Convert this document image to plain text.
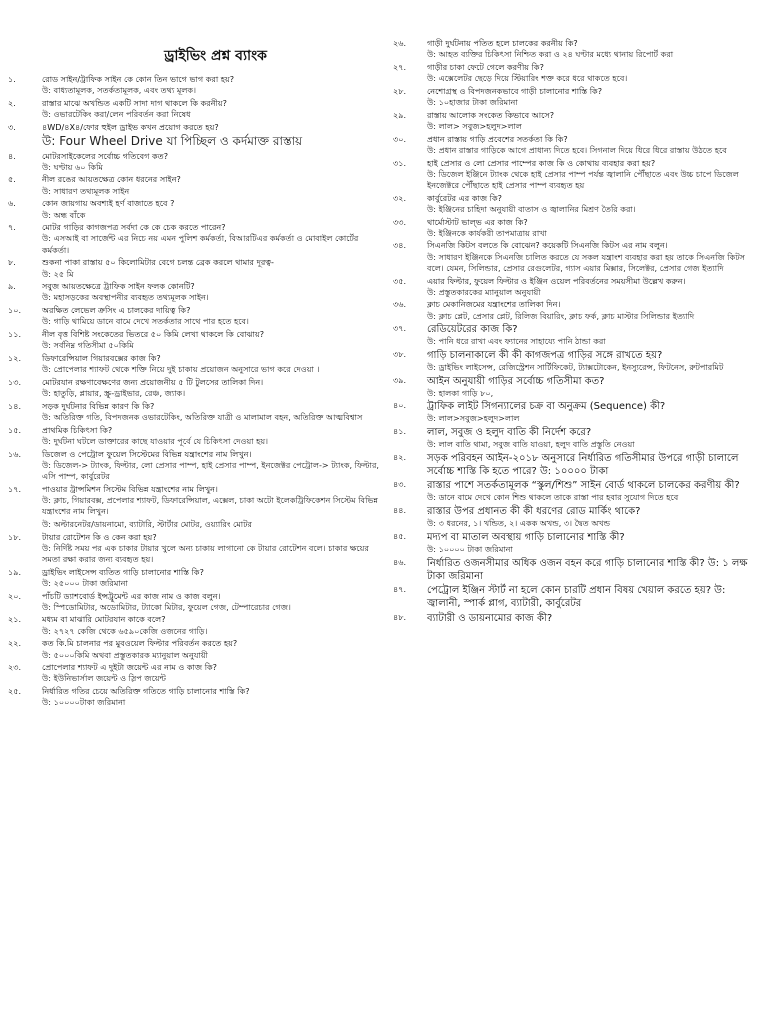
ড্রাইভিং প্রশ্ন ব্যাংক
১.	রোড সাইন/ট্রাফিক সাইন কে কোন তিন ভাগে ভাগ করা হয়?
উ: বাধ্যতামূলক, সতর্কতামূলক, এবং তথ্য মূলক।
২.	রাস্তার মাঝে অখন্ডিত একটি সাদা দাগ থাকলে কি করনীয়?
উ: ওভারটেকিং করা/লেন পরিবর্তন করা নিষেধ
৩.	৪WD/৪X৪/ফোর হুইল ড্রাইভ কখন প্রয়োগ করতে হয়?
উ: Four Wheel Drive যা পিচ্ছিল ও কর্দমাক্ত রাস্তায়
৪.	মোটরসাইকেলের সর্বোচ্চ গতিবেগ কত?
উ: ঘণ্টায় ৬০ কিমি
৫.	নীল রঙের আয়তক্ষেত্র কোন ধরনের সাইন?
উ: সাধারণ তথ্যমূলক সাইন
৬.	কোন জায়গায় অবশ্যই হর্ণ বাজাতে হবে ?
উ: অন্ধ বাঁকে
৭.	মোটর গাড়ির কাগজপত্র সর্বদা কে কে চেক করতে পারেন?
উ: এসআই বা সার্জেন্ট এর নিচে নয় এমন পুলিশ কর্মকর্তা, বিআরটিএর কর্মকর্তা ও মোবাইল কোর্টের কর্মকর্তা।
৮.	শুকনা পাকা রাস্তায় ৫০ কিলোমিটার বেগে চলন্ত ব্রেক করলে থামার দূরত্ব-
উ: ২৫ মি
৯.	সবুজ আয়তক্ষেত্রে ট্রাফিক সাইন ফলক কোনটি?
উ: মহাসড়কের অবস্থাপনীর ব্যবহৃত তথ্যমূলক সাইন।
১০.	অরক্ষিত লেভেল ক্রসিং এ চালকের দায়িত্ব কি?
উ: গাড়ি থামিয়ে ডানে বামে দেখে সতর্কতার সাথে পার হতে হবে।
১১.	নীল বৃত্ত বিশিষ্ট সংকেতের ভিতরে ৫০ কিমি লেখা থাকলে কি বোঝায়?
উ: সর্বনিম্ন গতিসীমা ৫০কিমি
১২.	ডিফারেন্সিয়াল গিয়ারবক্সের কাজ কি?
উ: প্রোপেলার শ্যাফট থেকে শক্তি নিয়ে দুই চাকায় প্রয়োজন অনুসারে ভাগ করে দেওয়া ।
১৩.	মোটরযান রক্ষণাবেক্ষণের জন্য প্রয়োজনীয় ৫ টি টুলসের তালিকা দিন।
উ: হাতুড়ি, প্লায়ার, স্ক্রু-ড্রাইভার, রেঞ্চ, জ্যাক।
১৪.	সড়ক দুর্ঘটনার বিভিন্ন কারণ কি কি?
উ: অতিরিক্ত গতি, বিপদজনক ওভারটেকিং, অতিরিক্ত যাত্রী ও মালামাল বহন, অতিরিক্ত আত্মবিশ্বাস
১৫.	প্রাথমিক চিকিৎসা কি?
উ: দুর্ঘটনা ঘটলে ডাক্তারের কাছে যাওয়ার পূর্বে যে চিকিৎসা দেওয়া হয়।
১৬.	ডিজেল ও পেট্রোল ফুয়েল সিস্টেমের বিভিন্ন যন্ত্রাংশের নাম লিখুন।
উ: ডিজেল-> ট্যাংক, ফিল্টার, লো প্রেসার পাম্প, হাই প্রেসার পাম্প, ইনজেক্টর পেট্রোল-> ট্যাংক, ফিল্টার, এসি পাম্প, কার্বুরেটর
১৭.	পাওয়ার ট্রান্সমিশন সিস্টেম বিভিন্ন যন্ত্রাংশের নাম লিখুন।
উ: ক্লাচ, গিয়ারবক্স, প্রপেলার শ্যাফট, ডিফারেন্সিয়াল, এক্সেল, চাকা অটো ইলেকট্রিফিকেশন সিস্টেম বিভিন্ন যন্ত্রাংশের নাম লিখুন।
উ: অল্টারনেটর/ডায়নামো, ব্যাটারি, স্টার্টার মোটর, ওয়্যারিং মোটর
১৮.	টায়ার রোটেশন কি ও কেন করা হয়?
উ: নির্দিষ্ট সময় পর এক চাকার টায়ার খুলে অন্য চাকায় লাগানো কে টায়ার রোটেশন বলে। চাকার ক্ষয়ের সমতা রক্ষা করার জন্য ব্যবহৃত হয়।
১৯.	ড্রাইভিং লাইসেন্স ব্যতিত গাড়ি চালানোর শাস্তি কি?
উ: ২৫০০০ টাকা জরিমানা
২০.	পাঁচটি ড্যাশবোর্ড ইন্সট্রুমেন্ট এর কাজ নাম ও কাজ বলুন।
উ: স্পিডোমিটার, অডোমিটার, ট্যাকো মিটার, ফুয়েল গেজ, টেম্পারেচার গেজ।
২১.	মধ্যম বা মাঝারি মোটরযান কাকে বলে?
উ: ২৭২৭ কেজি থেকে ৬৫৯০কেজি ওজনের গাড়ি।
২২.	কত কি.মি চালনার পর মুবওয়েল ফিল্টার পরিবর্তন করতে হয়?
উ: ৫০০০কিমি অথবা প্রস্তুতকারক ম্যানুয়াল অনুযায়ী
২৩.	প্রোপেলার শ্যাফট এ দুইটা জয়েন্ট এর নাম ও কাজ কি?
উ: ইউনিভার্সাল জয়েন্ট ও স্লিপ জয়েন্ট
২৫.	নির্ধারিত গতির চেয়ে অতিরিক্ত গতিতে গাড়ি চালানোর শাস্তি কি?
উ: ১০০০০টাকা জরিমানা
২৬.	গাড়ী দুর্ঘটনায় পতিত হলে চালকের করনীয় কি?
উ: আহত ব্যক্তির চিকিৎসা নিশ্চিত করা ও ২৪ ঘণ্টার মধ্যে থানায় রিপোর্ট করা
২৭.	গাড়ীর চাকা ফেটে গেলে করণীয় কি?
উ: এক্সেলেটর ছেড়ে দিয়ে স্টিয়ারিং শক্ত করে ধরে থাকতে হবে।
২৮.	নেশোগ্রস্থ ও বিপদজনকভাবে গাড়ী চালানোর শাস্তি কি?
উ: ১০হাজার টাকা জরিমানা
২৯.	রাস্তায় আলোক সংকেত কিভাবে আসে?
উ: লাল> সবুজ>হলুদ>লাল
৩০.	প্রধান রাস্তায় গাড়ি প্রবেশের সতর্কতা কি কি?
উ: প্রধান রাস্তার গাড়িকে আগে প্রাধান্য দিতে হবে। সিগনাল দিয়ে ধিরে ধিরে রাস্তায় উঠতে হবে
৩১.	হাই প্রেসার ও লো প্রেসার পাম্পের কাজ কি ও কোথায় ব্যবহার করা হয়?
উ: ডিজেল ইঞ্জিনে ট্যাংক থেকে হাই প্রেসার পাম্প পর্যন্ত জ্বালানি পৌঁছাতে এবং উচ্চ চাপে ডিজেল ইনজেক্টরে পৌঁছাতে হাই প্রেসার পাম্প ব্যবহৃত হয়
৩২.	কার্বুরেটর এর কাজ কি?
উ: ইঞ্জিনের চাহিদা অনুযায়ী বাতাস ও জ্বালানির মিশ্রণ তৈরি করা।
৩৩.	থার্মোস্টাট ভাল্ভ এর কাজ কি?
উ: ইঞ্জিনকে কার্যকরী তাপমাত্রায় রাখা
৩৪.	সিএনজি কিটস বলতে কি বোঝেন? কয়েকটি সিএনজি কিটস এর নাম বলুন।
উ: সাধারণ ইঞ্জিনকে সিএনজি চালিত করতে যে সকল যন্ত্রাংশ ব্যবহার করা হয় তাকে সিএনজি কিটস বলে। যেমন, সিলিন্ডার, প্রেসার রেগুলেটর, গ্যাস এয়ার মিক্সার, সিলেক্টর, প্রেসার গেজ ইত্যাদি
৩৫.	এয়ার ফিল্টার, ফুয়েল ফিল্টার ও ইঞ্জিন ওয়েল পরিবর্তনের সময়সীমা উল্লেখ করুন।
উ: প্রস্তুতকারকের ম্যানুয়াল অনুযায়ী
৩৬.	ক্লাচ মেকানিজমের যন্ত্রাংশের তালিকা দিন।
উ: ক্লাচ প্লেট, প্রেসার প্লেট, রিলিজ বিয়ারিং, ক্লাচ ফর্ক, ক্লাচ মাস্টার সিলিন্ডার ইত্যাদি
৩৭.	রেডিয়েটরের কাজ কি?
উ: পানি ধরে রাখা এবং ফ্যানের সাহায্যে পানি ঠান্ডা করা
৩৮.	গাড়ি চালনাকালে কী কী কাগজপত্র গাড়ির সঙ্গে রাখতে হয়?
উ: ড্রাইভিং লাইসেন্স, রেজিস্ট্রেশন সার্টিফিকেট, ট্যাক্সটোকেন, ইনস্যুরেন্স, ফিটনেস, রুটপারমিট
৩৯.	আইন অনুযায়ী গাড়ির সর্বোচ্চ গতিসীমা কত?
উ: হালকা গাড়ি ৮০,
৪০.	ট্রাফিক লাইট সিগন্যালের চক্র বা অনুক্রম (Sequence) কী?
উ: লাল>সবুজ>হলুদ>লাল
৪১.	লাল, সবুজ ও হলুদ বাতি কী নির্দেশ করে?
উ: লাল বাতি থামা, সবুজ বাতি যাওয়া, হলুদ বাতি প্রস্তুতি নেওয়া
৪২.	সড়ক পরিবহন আইন-২০১৮ অনুসারে নির্ধারিত গতিসীমার উপরে গাড়ী চালালে সর্বোচ্চ শাস্তি কি হতে পারে? উ: ১০০০০ টাকা
৪৩.	রাস্তার পাশে সতর্কতামূলক “স্কুল/শিশু” সাইন বোর্ড থাকলে চালকের করণীয় কী?
উ: ডানে বামে দেখে কোন শিশু থাকলে তাকে রাস্তা পার হবার সুযোগ দিতে হবে
৪৪.	রাস্তার উপর প্রধানত কী কী ধরণের রোড মার্কিং থাকে?
উ: ৩ ধরনের, ১। খন্ডিত, ২। একক অখন্ড, ৩। দ্বৈত অখন্ড
৪৫.	মদ্যপ বা মাতাল অবস্থায় গাড়ি চালানোর শাস্তি কী?
উ: ১০০০০ টাকা জরিমানা
৪৬.	নির্ধারিত ওজনসীমার অধিক ওজন বহন করে গাড়ি চালানোর শাস্তি কী? উ: ১ লক্ষ টাকা জরিমানা
৪৭.	পেট্রোল ইঞ্জিন স্টার্ট না হলে কোন চারটি প্রধান বিষয় খেয়াল করতে হয়? উ: জ্বালানী, স্পার্ক প্লাগ, ব্যাটারী, কার্বুরেটর
৪৮.	ব্যাটারী ও ডায়নামোর কাজ কী?
